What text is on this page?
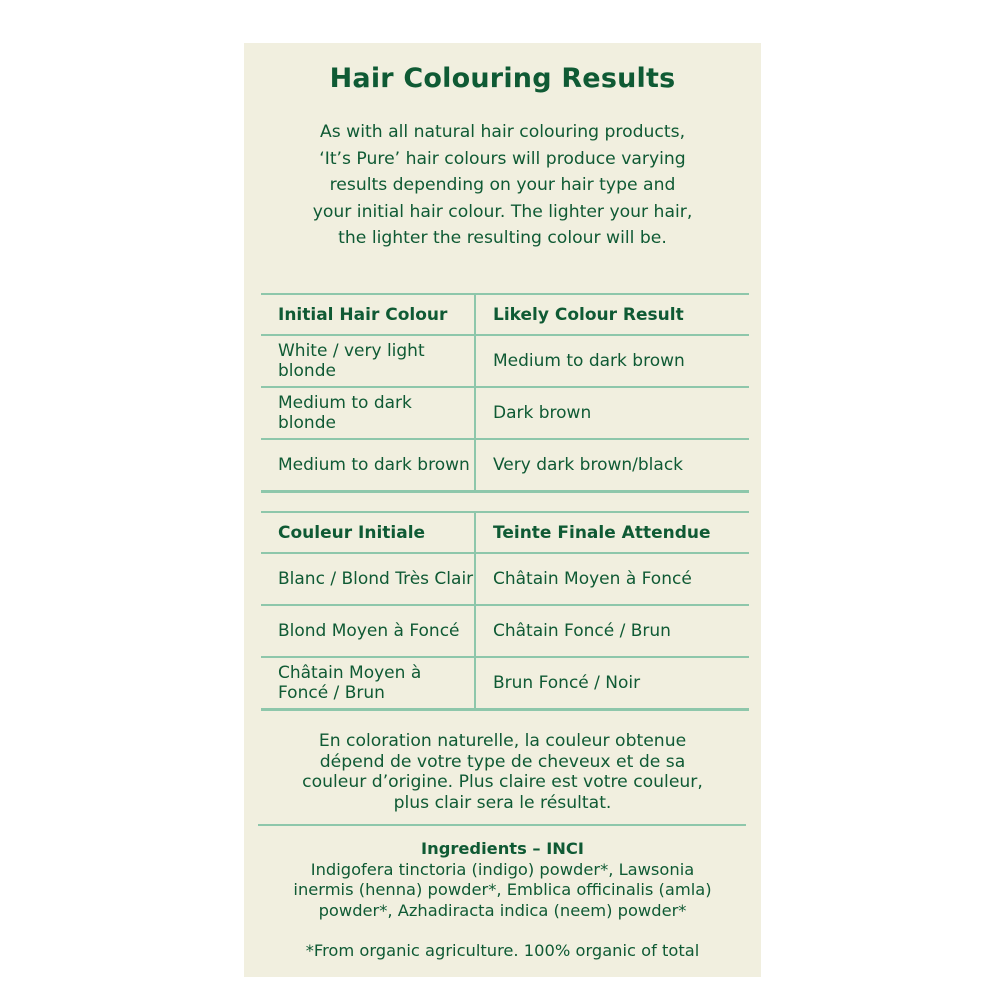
Hair Colouring Results
As with all natural hair colouring products,
‘It’s Pure’ hair colours will produce varying
results depending on your hair type and
your initial hair colour. The lighter your hair,
the lighter the resulting colour will be.
Initial Hair Colour	Likely Colour Result
White / very light blonde	Medium to dark brown
Medium to dark blonde	Dark brown
Medium to dark brown	Very dark brown/black
Couleur Initiale	Teinte Finale Attendue
Blanc / Blond Très Clair	Châtain Moyen à Foncé
Blond Moyen à Foncé	Châtain Foncé / Brun
Châtain Moyen à Foncé / Brun	Brun Foncé / Noir
En coloration naturelle, la couleur obtenue
dépend de votre type de cheveux et de sa
couleur d’origine. Plus claire est votre couleur,
plus clair sera le résultat.
Ingredients – INCI
Indigofera tinctoria (indigo) powder*, Lawsonia
inermis (henna) powder*, Emblica officinalis (amla)
powder*, Azhadiracta indica (neem) powder*
*From organic agriculture. 100% organic of total
